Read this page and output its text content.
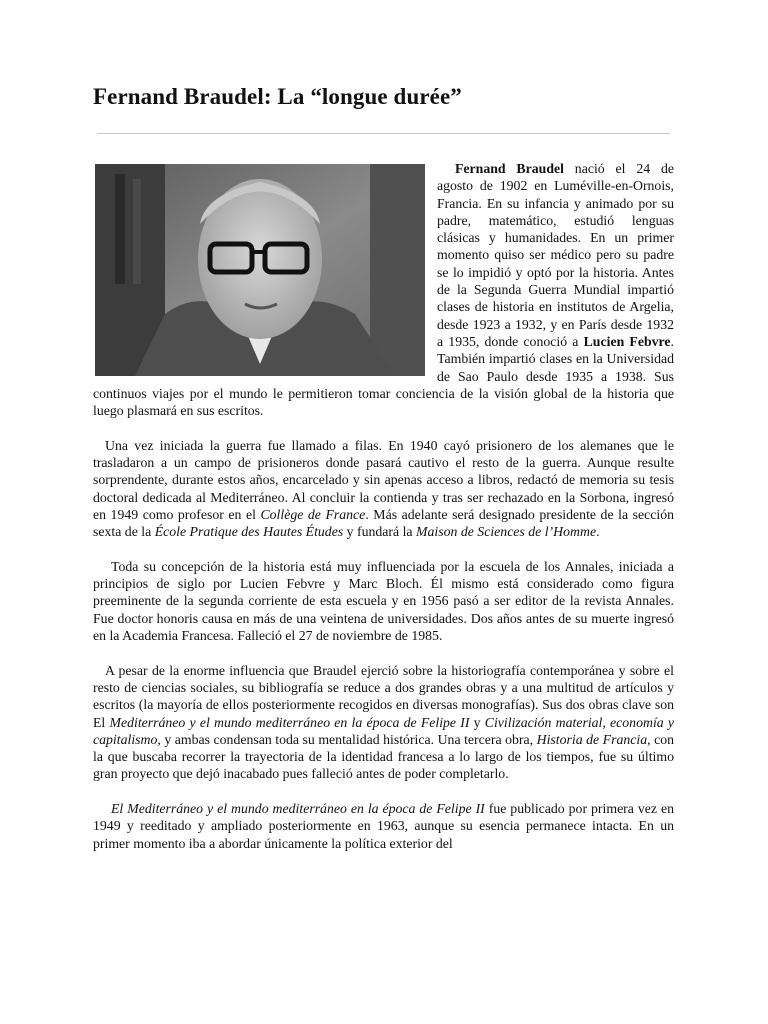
Fernand Braudel: La “longue durée”

Fernand Braudel nació el 24 de agosto de 1902 en Luméville-en-Ornois, Francia. En su infancia y animado por su padre, matemático, estudió lenguas clásicas y humanidades. En un primer momento quiso ser médico pero su padre se lo impidió y optó por la historia. Antes de la Segunda Guerra Mundial impartió clases de historia en institutos de Argelia, desde 1923 a 1932, y en París desde 1932 a 1935, donde conoció a Lucien Febvre. También impartió clases en la Universidad de Sao Paulo desde 1935 a 1938. Sus continuos viajes por el mundo le permitieron tomar conciencia de la visión global de la historia que luego plasmará en sus escritos.

Una vez iniciada la guerra fue llamado a filas. En 1940 cayó prisionero de los alemanes que le trasladaron a un campo de prisioneros donde pasará cautivo el resto de la guerra. Aunque resulte sorprendente, durante estos años, encarcelado y sin apenas acceso a libros, redactó de memoria su tesis doctoral dedicada al Mediterráneo. Al concluir la contienda y tras ser rechazado en la Sorbona, ingresó en 1949 como profesor en el Collège de France. Más adelante será designado presidente de la sección sexta de la École Pratique des Hautes Études y fundará la Maison de Sciences de l’Homme.

Toda su concepción de la historia está muy influenciada por la escuela de los Annales, iniciada a principios de siglo por Lucien Febvre y Marc Bloch. Él mismo está considerado como figura preeminente de la segunda corriente de esta escuela y en 1956 pasó a ser editor de la revista Annales. Fue doctor honoris causa en más de una veintena de universidades. Dos años antes de su muerte ingresó en la Academia Francesa. Falleció el 27 de noviembre de 1985.

A pesar de la enorme influencia que Braudel ejerció sobre la historiografía contemporánea y sobre el resto de ciencias sociales, su bibliografía se reduce a dos grandes obras y a una multitud de artículos y escritos (la mayoría de ellos posteriormente recogidos en diversas monografías). Sus dos obras clave son El Mediterráneo y el mundo mediterráneo en la época de Felipe II y Civilización material, economía y capitalismo, y ambas condensan toda su mentalidad histórica. Una tercera obra, Historia de Francia, con la que buscaba recorrer la trayectoria de la identidad francesa a lo largo de los tiempos, fue su último gran proyecto que dejó inacabado pues falleció antes de poder completarlo.

El Mediterráneo y el mundo mediterráneo en la época de Felipe II fue publicado por primera vez en 1949 y reeditado y ampliado posteriormente en 1963, aunque su esencia permanece intacta. En un primer momento iba a abordar únicamente la política exterior del
